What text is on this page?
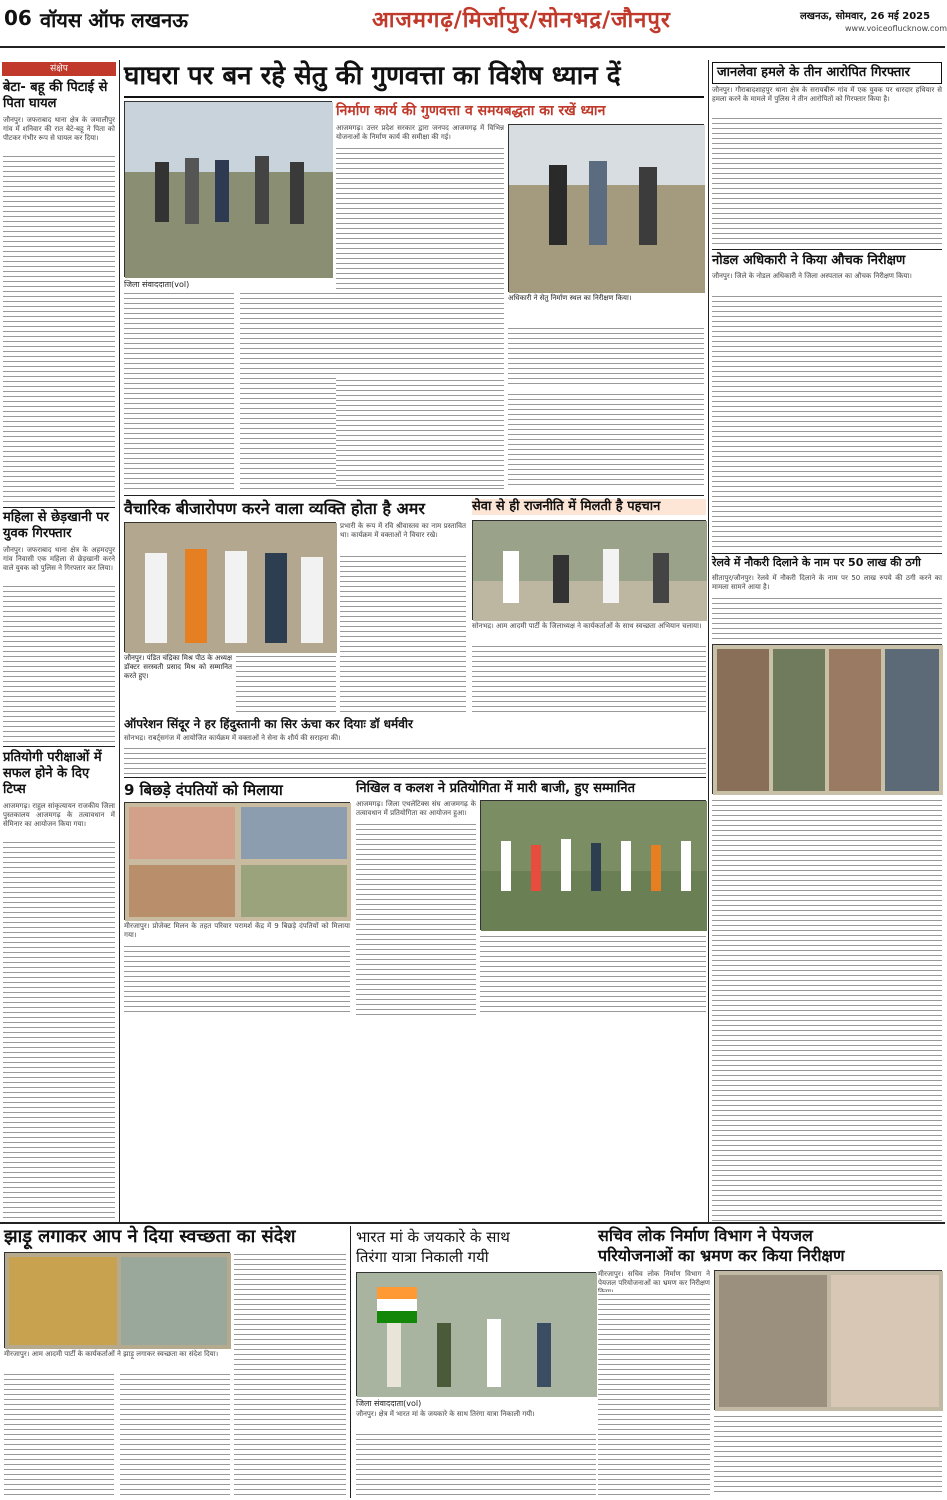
06 वॉयस ऑफ लखनऊ	आजमगढ़/मिर्जापुर/सोनभद्र/जौनपुर	लखनऊ, सोमवार, 26 मई 2025
www.voiceoflucknow.com
संक्षेप
बेटा- बहू की पिटाई से पिता घायल
जौनपुर। जफराबाद थाना क्षेत्र के जमालीपुर गांव में शनिवार की रात बेटे-बहू ने पिता को पीटकर गंभीर रूप से घायल कर दिया।
महिला से छेड़खानी पर युवक गिरफ्तार
जौनपुर। जफराबाद थाना क्षेत्र के अहमदपुर गांव निवासी एक महिला से छेड़खानी करने वाले युवक को पुलिस ने गिरफ्तार कर लिया।
प्रतियोगी परीक्षाओं में सफल होने के दिए टिप्स
आजमगढ़। राहुल सांकृत्यायन राजकीय जिला पुस्तकालय आजमगढ़ के तत्वावधान में सेमिनार का आयोजन किया गया।
घाघरा पर बन रहे सेतु की गुणवत्ता का विशेष ध्यान दें
जिला संवाददाता(vol)
निर्माण कार्य की गुणवत्ता व समयबद्धता का रखें ध्यान
आजमगढ़। उत्तर प्रदेश सरकार द्वारा जनपद आजमगढ़ में विभिन्न योजनाओं के निर्माण कार्य की समीक्षा की गई।
अधिकारी ने सेतु निर्माण स्थल का निरीक्षण किया।
जानलेवा हमले के तीन आरोपित गिरफ्तार
जौनपुर। गौराबादशाहपुर थाना क्षेत्र के सरायबीरू गांव में एक युवक पर धारदार हथियार से हमला करने के मामले में पुलिस ने तीन आरोपितों को गिरफ्तार किया है।
नोडल अधिकारी ने किया औचक निरीक्षण
जौनपुर। जिले के नोडल अधिकारी ने जिला अस्पताल का औचक निरीक्षण किया।
रेलवे में नौकरी दिलाने के नाम पर 50 लाख की ठगी
सीतापुर/जौनपुर। रेलवे में नौकरी दिलाने के नाम पर 50 लाख रुपये की ठगी करने का मामला सामने आया है।
वैचारिक बीजारोपण करने वाला व्यक्ति होता है अमर
जौनपुर। पंडित चंद्रिका मिश्र पीठ के अध्यक्ष डॉक्टर सरस्वती प्रसाद मिश्र को सम्मानित करते हुए।
प्रभारी के रूप में रवि श्रीवास्तव का नाम प्रस्तावित था। कार्यक्रम में वक्ताओं ने विचार रखे।
सेवा से ही राजनीति में मिलती है पहचान
सोनभद्र। आम आदमी पार्टी के जिलाध्यक्ष ने कार्यकर्ताओं के साथ स्वच्छता अभियान चलाया।
ऑपरेशन सिंदूर ने हर हिंदुस्तानी का सिर ऊंचा कर दियाः डॉ धर्मवीर
सोनभद्र। राबर्ट्सगंज में आयोजित कार्यक्रम में वक्ताओं ने सेना के शौर्य की सराहना की।
9 बिछड़े दंपतियों को मिलाया
मीरजापुर। प्रोजेक्ट मिलन के तहत परिवार परामर्श केंद्र में 9 बिछड़े दंपतियों को मिलाया गया।
निखिल व कलश ने प्रतियोगिता में मारी बाजी, हुए सम्मानित
आजमगढ़। जिला एथलेटिक्स संघ आजमगढ़ के तत्वावधान में प्रतियोगिता का आयोजन हुआ।
झाड़ू लगाकर आप ने दिया स्वच्छता का संदेश
मीरजापुर। आम आदमी पार्टी के कार्यकर्ताओं ने झाड़ू लगाकर स्वच्छता का संदेश दिया।
भारत मां के जयकारे के साथ
तिरंगा यात्रा निकाली गयी
जिला संवाददाता(vol)
जौनपुर। क्षेत्र में भारत मां के जयकारे के साथ तिरंगा यात्रा निकाली गयी।
सचिव लोक निर्माण विभाग ने पेयजल
परियोजनाओं का भ्रमण कर किया निरीक्षण
मीरजापुर। सचिव लोक निर्माण विभाग ने पेयजल परियोजनाओं का भ्रमण कर निरीक्षण
